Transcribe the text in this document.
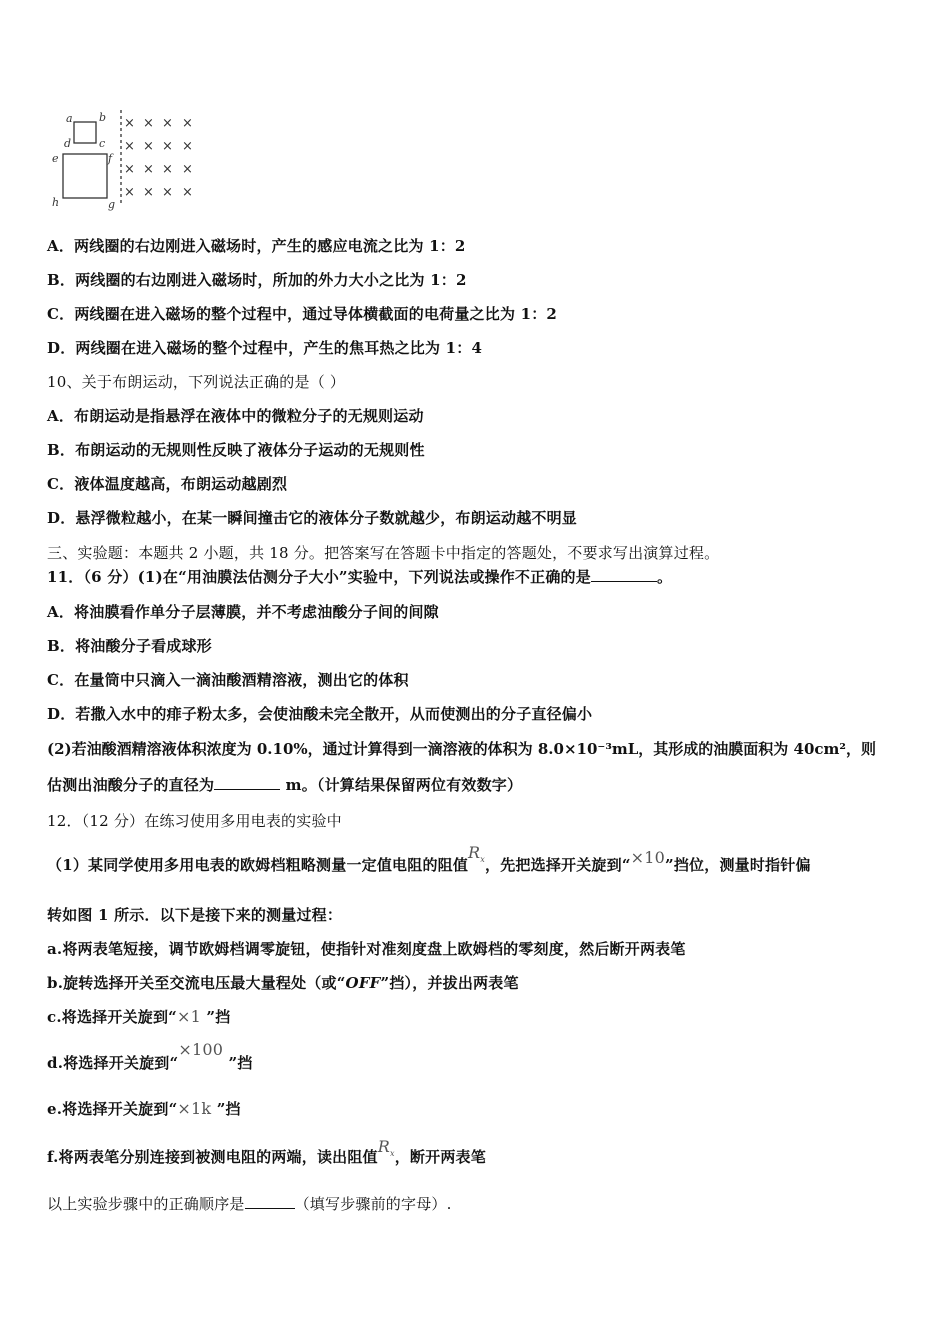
a b
c
d
e	f
g
h
× × × ×
× × × ×
× × × ×
× × × ×
A．两线圈的右边刚进入磁场时，产生的感应电流之比为 1：2
B．两线圈的右边刚进入磁场时，所加的外力大小之比为 1：2
C．两线圈在进入磁场的整个过程中，通过导体横截面的电荷量之比为 1：2
D．两线圈在进入磁场的整个过程中，产生的焦耳热之比为 1：4
10、关于布朗运动，下列说法正确的是（ ）
A．布朗运动是指悬浮在液体中的微粒分子的无规则运动
B．布朗运动的无规则性反映了液体分子运动的无规则性
C．液体温度越高，布朗运动越剧烈
D．悬浮微粒越小，在某一瞬间撞击它的液体分子数就越少，布朗运动越不明显
三、实验题：本题共 2 小题，共 18 分。把答案写在答题卡中指定的答题处，不要求写出演算过程。
11．（6 分）(1)在“用油膜法估测分子大小”实验中，下列说法或操作不正确的是	。
A．将油膜看作单分子层薄膜，并不考虑油酸分子间的间隙
B．将油酸分子看成球形
C．在量筒中只滴入一滴油酸酒精溶液，测出它的体积
D．若撒入水中的痱子粉太多，会使油酸未完全散开，从而使测出的分子直径偏小
(2)若油酸酒精溶液体积浓度为 0.10%，通过计算得到一滴溶液的体积为 8.0×10⁻³mL，其形成的油膜面积为 40cm²，则
估测出油酸分子的直径为	m。（计算结果保留两位有效数字）
12．（12 分）在练习使用多用电表的实验中
（1）某同学使用多用电表的欧姆档粗略测量一定值电阻的阻值$R_x$，先把选择开关旋到“×10”挡位，测量时指针偏
转如图 1 所示．以下是接下来的测量过程：
a.将两表笔短接，调节欧姆档调零旋钮，使指针对准刻度盘上欧姆档的零刻度，然后断开两表笔
b.旋转选择开关至交流电压最大量程处（或“OFF”挡），并拔出两表笔
c.将选择开关旋到“×1 ”挡
d.将选择开关旋到“×100 ”挡
e.将选择开关旋到“×1k ”挡
f.将两表笔分别连接到被测电阻的两端，读出阻值$R_x$，断开两表笔
以上实验步骤中的正确顺序是	（填写步骤前的字母）.
